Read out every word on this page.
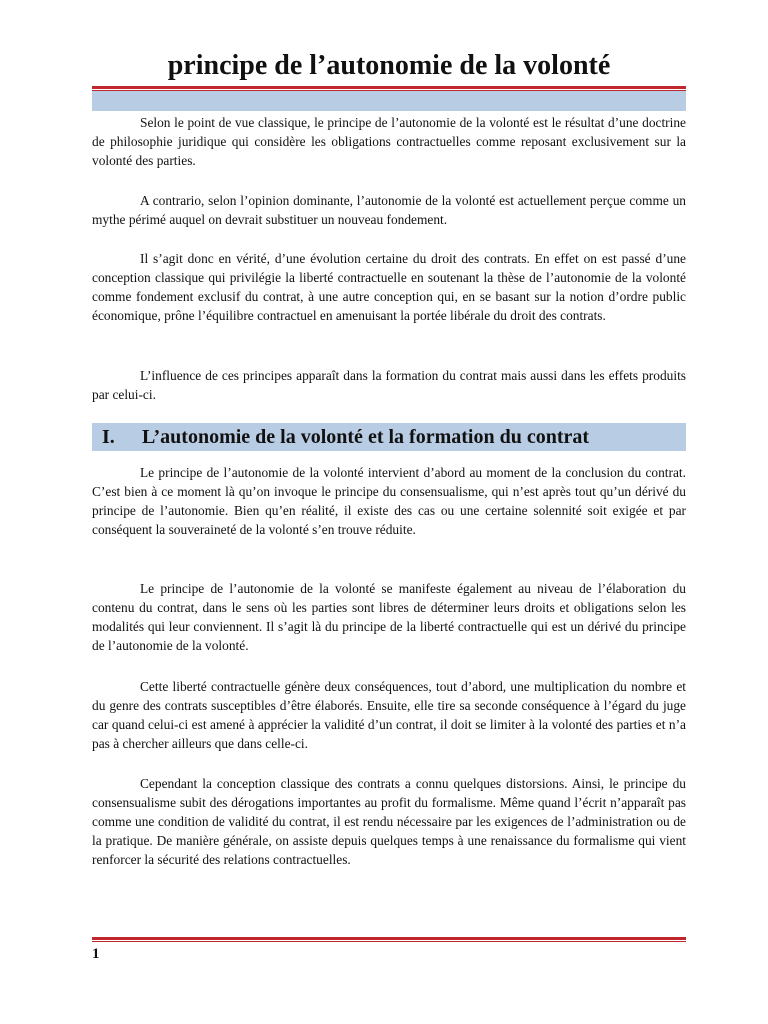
principe de l’autonomie de la volonté

Selon le point de vue classique, le principe de l’autonomie de la volonté est le résultat d’une doctrine de philosophie juridique qui considère les obligations contractuelles comme reposant exclusivement sur la volonté des parties.

A contrario, selon l’opinion dominante, l’autonomie de la volonté est actuellement perçue comme un mythe périmé auquel on devrait substituer un nouveau fondement.

Il s’agit donc en vérité, d’une évolution certaine du droit des contrats. En effet on est passé d’une conception classique qui privilégie la liberté contractuelle en soutenant la thèse de l’autonomie de la volonté comme fondement exclusif du contrat, à une autre conception qui, en se basant sur la notion d’ordre public économique, prône l’équilibre contractuel en amenuisant la portée libérale du droit des contrats.

L’influence de ces principes apparaît dans la formation du contrat mais aussi dans les effets produits par celui-ci.

I.	L’autonomie de la volonté et la formation du contrat

Le principe de l’autonomie de la volonté intervient d’abord au moment de la conclusion du contrat. C’est bien à ce moment là qu’on invoque le principe du consensualisme, qui n’est après tout qu’un dérivé du principe de l’autonomie. Bien qu’en réalité, il existe des cas ou une certaine solennité soit exigée et par conséquent la souveraineté de la volonté s’en trouve réduite.

Le principe de l’autonomie de la volonté se manifeste également au niveau de l’élaboration du contenu du contrat, dans le sens où les parties sont libres de déterminer leurs droits et obligations selon les modalités qui leur conviennent. Il s’agit là du principe de la liberté contractuelle qui est un dérivé du principe de l’autonomie de la volonté.

Cette liberté contractuelle génère deux conséquences, tout d’abord, une multiplication du nombre et du genre des contrats susceptibles d’être élaborés. Ensuite, elle tire sa seconde conséquence à l’égard du juge car quand celui-ci est amené à apprécier la validité d’un contrat, il doit se limiter à la volonté des parties et n’a pas à chercher ailleurs que dans celle-ci.

Cependant la conception classique des contrats a connu quelques distorsions. Ainsi, le principe du consensualisme subit des dérogations importantes au profit du formalisme. Même quand l’écrit n’apparaît pas comme une condition de validité du contrat, il est rendu nécessaire par les exigences de l’administration ou de la pratique. De manière générale, on assiste depuis quelques temps à une renaissance du formalisme qui vient renforcer la sécurité des relations contractuelles.

1
